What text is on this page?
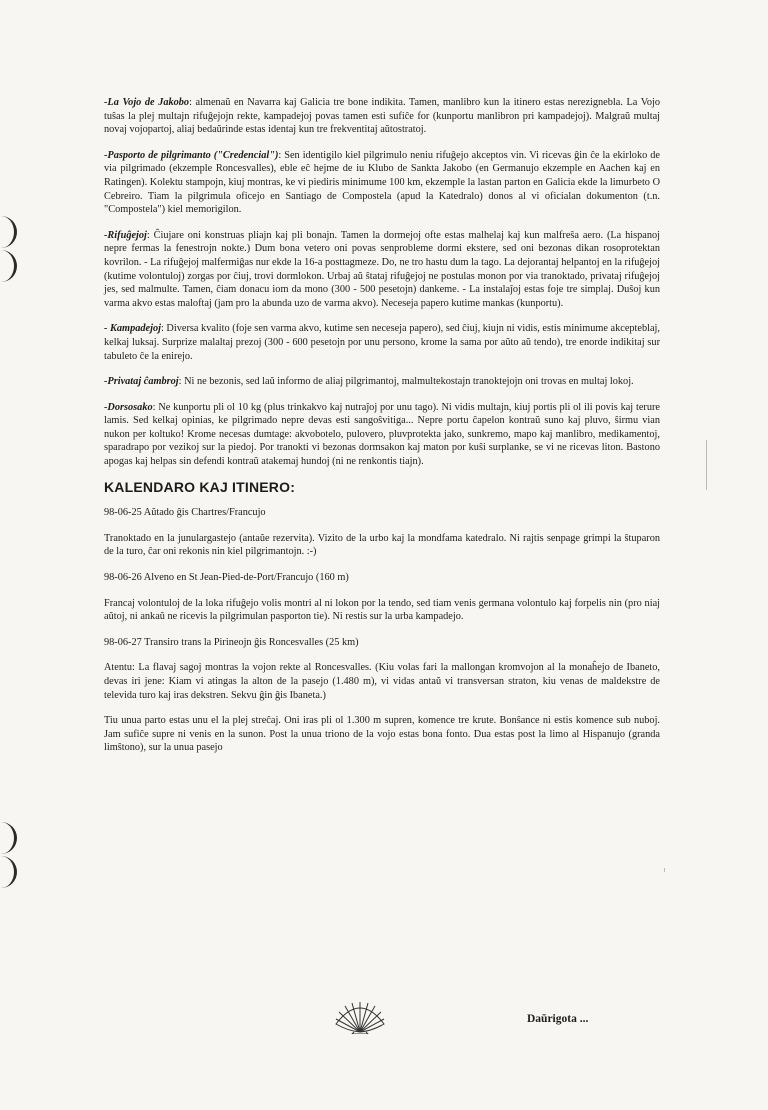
-La Vojo de Jakobo: almenaŭ en Navarra kaj Galicia tre bone indikita. Tamen, manlibro kun la itinero estas nerezignebla. La Vojo tuŝas la plej multajn rifuĝejojn rekte, kampadejoj povas tamen esti sufiĉe for (kunportu manlibron pri kampadejoj). Malgraŭ multaj novaj vojopartoj, aliaj bedaŭrinde estas identaj kun tre frekventitaj aŭtostratoj.

-Pasporto de pilgrimanto ("Credencial"): Sen identigilo kiel pilgrimulo neniu rifuĝejo akceptos vin. Vi ricevas ĝin ĉe la ekirloko de via pilgrimado (ekzemple Roncesvalles), eble eĉ hejme de iu Klubo de Sankta Jakobo (en Germanujo ekzemple en Aachen kaj en Ratingen). Kolektu stampojn, kiuj montras, ke vi piediris minimume 100 km, ekzemple la lastan parton en Galicia ekde la limurbeto O Cebreiro. Tiam la pilgrimula oficejo en Santiago de Compostela (apud la Katedralo) donos al vi oficialan dokumenton (t.n. "Compostela") kiel memorigilon.

-Rifuĝejoj: Ĉiujare oni konstruas pliajn kaj pli bonajn. Tamen la dormejoj ofte estas malhelaj kaj kun malfreŝa aero. (La hispanoj nepre fermas la fenestrojn nokte.) Dum bona vetero oni povas senprobleme dormi ekstere, sed oni bezonas dikan rosoprotektan kovrilon. - La rifuĝejoj malfermiĝas nur ekde la 16-a posttagmeze. Do, ne tro hastu dum la tago. La dejorantaj helpantoj en la rifuĝejoj (kutime volontuloj) zorgas por ĉiuj, trovi dormlokon. Urbaj aŭ ŝtataj rifuĝejoj ne postulas monon por via tranoktado, privataj rifuĝejoj jes, sed malmulte. Tamen, ĉiam donacu iom da mono (300 - 500 pesetojn) dankeme. - La instalaĵoj estas foje tre simplaj. Duŝoj kun varma akvo estas maloftaj (jam pro la abunda uzo de varma akvo). Neceseja papero kutime mankas (kunportu).

- Kampadejoj: Diversa kvalito (foje sen varma akvo, kutime sen neceseja papero), sed ĉiuj, kiujn ni vidis, estis minimume akcepteblaj, kelkaj luksaj. Surprize malaltaj prezoj (300 - 600 pesetojn por unu persono, krome la sama por aŭto aŭ tendo), tre enorde indikitaj sur tabuleto ĉe la enirejo.

-Privataj ĉambroj: Ni ne bezonis, sed laŭ informo de aliaj pilgrimantoj, malmultekostajn tranoktejojn oni trovas en multaj lokoj.

-Dorsosako: Ne kunportu pli ol 10 kg (plus trinkakvo kaj nutraĵoj por unu tago). Ni vidis multajn, kiuj portis pli ol ili povis kaj terure lamis. Sed kelkaj opinias, ke pilgrimado nepre devas esti sangoŝvitiga... Nepre portu ĉapelon kontraŭ suno kaj pluvo, ŝirmu vian nukon per koltuko! Krome necesas dumtage: akvobotelo, pulovero, pluvprotekta jako, sunkremo, mapo kaj manlibro, medikamentoj, sparadrapo por vezikoj sur la piedoj. Por tranokti vi bezonas dormsakon kaj maton por kuŝi surplanke, se vi ne ricevas liton. Bastono apogas kaj helpas sin defendi kontraŭ atakemaj hundoj (ni ne renkontis tiajn).

KALENDARO KAJ ITINERO:

98-06-25 Aŭtado ĝis Chartres/Francujo

Tranoktado en la junulargastejo (antaŭe rezervita). Vizito de la urbo kaj la mondfama katedralo. Ni rajtis senpage grimpi la ŝtuparon de la turo, ĉar oni rekonis nin kiel pilgrimantojn. :-)

98-06-26 Alveno en St Jean-Pied-de-Port/Francujo (160 m)

Francaj volontuloj de la loka rifuĝejo volis montri al ni lokon por la tendo, sed tiam venis germana volontulo kaj forpelis nin (pro niaj aŭtoj, ni ankaŭ ne ricevis la pilgrimulan pasporton tie). Ni restis sur la urba kampadejo.

98-06-27 Transiro trans la Pirineojn ĝis Roncesvalles (25 km)

Atentu: La flavaj sagoj montras la vojon rekte al Roncesvalles. (Kiu volas fari la mallongan kromvojon al la monaĥejo de Ibaneto, devas iri jene: Kiam vi atingas la alton de la pasejo (1.480 m), vi vidas antaŭ vi transversan straton, kiu venas de maldekstre de televida turo kaj iras dekstren. Sekvu ĝin ĝis Ibaneta.)

Tiu unua parto estas unu el la plej streĉaj. Oni iras pli ol 1.300 m supren, komence tre krute. Bonŝance ni estis komence sub nuboj. Jam sufiĉe supre ni venis en la sunon. Post la unua triono de la vojo estas bona fonto. Dua estas post la limo al Hispanujo (granda limŝtono), sur la unua pasejo

Daŭrigota ...
